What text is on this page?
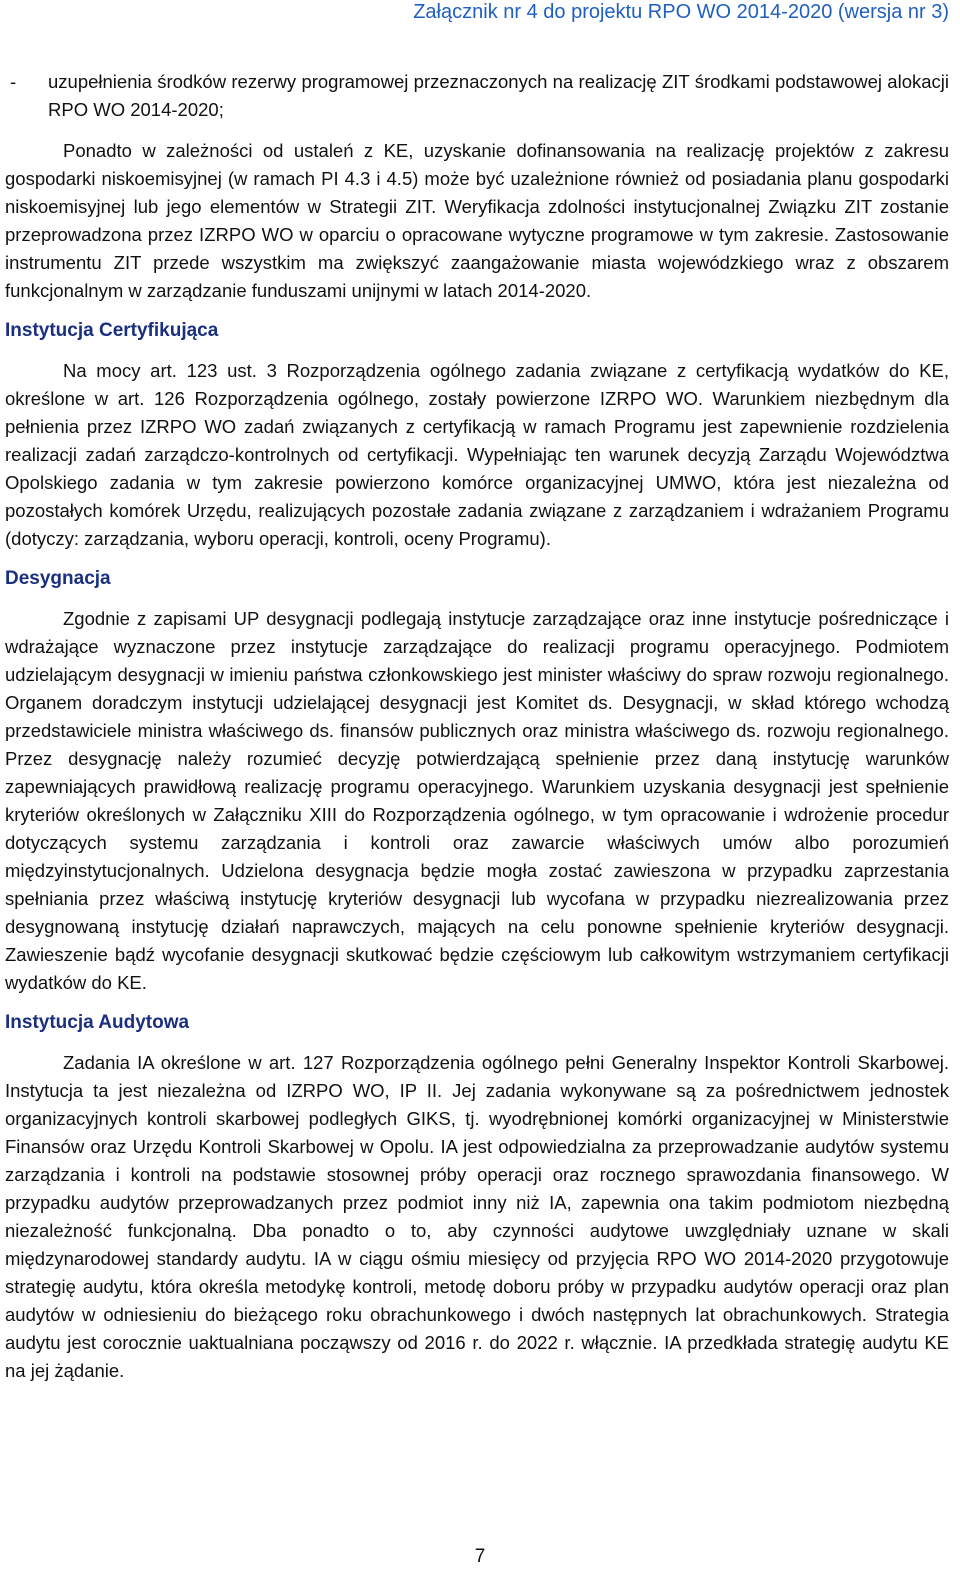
Załącznik nr 4 do projektu RPO WO 2014-2020 (wersja nr 3)
- uzupełnienia środków rezerwy programowej przeznaczonych na realizację ZIT środkami podstawowej alokacji RPO WO 2014-2020;

Ponadto w zależności od ustaleń z KE, uzyskanie dofinansowania na realizację projektów z zakresu gospodarki niskoemisyjnej (w ramach PI 4.3 i 4.5) może być uzależnione również od posiadania planu gospodarki niskoemisyjnej lub jego elementów w Strategii ZIT. Weryfikacja zdolności instytucjonalnej Związku ZIT zostanie przeprowadzona przez IZRPO WO w oparciu o opracowane wytyczne programowe w tym zakresie. Zastosowanie instrumentu ZIT przede wszystkim ma zwiększyć zaangażowanie miasta wojewódzkiego wraz z obszarem funkcjonalnym w zarządzanie funduszami unijnymi w latach 2014-2020.

Instytucja Certyfikująca

Na mocy art. 123 ust. 3 Rozporządzenia ogólnego zadania związane z certyfikacją wydatków do KE, określone w art. 126 Rozporządzenia ogólnego, zostały powierzone IZRPO WO. Warunkiem niezbędnym dla pełnienia przez IZRPO WO zadań związanych z certyfikacją w ramach Programu jest zapewnienie rozdzielenia realizacji zadań zarządczo-kontrolnych od certyfikacji. Wypełniając ten warunek decyzją Zarządu Województwa Opolskiego zadania w tym zakresie powierzono komórce organizacyjnej UMWO, która jest niezależna od pozostałych komórek Urzędu, realizujących pozostałe zadania związane z zarządzaniem i wdrażaniem Programu (dotyczy: zarządzania, wyboru operacji, kontroli, oceny Programu).

Desygnacja

Zgodnie z zapisami UP desygnacji podlegają instytucje zarządzające oraz inne instytucje pośredniczące i wdrażające wyznaczone przez instytucje zarządzające do realizacji programu operacyjnego. Podmiotem udzielającym desygnacji w imieniu państwa członkowskiego jest minister właściwy do spraw rozwoju regionalnego. Organem doradczym instytucji udzielającej desygnacji jest Komitet ds. Desygnacji, w skład którego wchodzą przedstawiciele ministra właściwego ds. finansów publicznych oraz ministra właściwego ds. rozwoju regionalnego. Przez desygnację należy rozumieć decyzję potwierdzającą spełnienie przez daną instytucję warunków zapewniających prawidłową realizację programu operacyjnego. Warunkiem uzyskania desygnacji jest spełnienie kryteriów określonych w Załączniku XIII do Rozporządzenia ogólnego, w tym opracowanie i wdrożenie procedur dotyczących systemu zarządzania i kontroli oraz zawarcie właściwych umów albo porozumień międzyinstytucjonalnych. Udzielona desygnacja będzie mogła zostać zawieszona w przypadku zaprzestania spełniania przez właściwą instytucję kryteriów desygnacji lub wycofana w przypadku niezrealizowania przez desygnowaną instytucję działań naprawczych, mających na celu ponowne spełnienie kryteriów desygnacji. Zawieszenie bądź wycofanie desygnacji skutkować będzie częściowym lub całkowitym wstrzymaniem certyfikacji wydatków do KE.

Instytucja Audytowa

Zadania IA określone w art. 127 Rozporządzenia ogólnego pełni Generalny Inspektor Kontroli Skarbowej. Instytucja ta jest niezależna od IZRPO WO, IP II. Jej zadania wykonywane są za pośrednictwem jednostek organizacyjnych kontroli skarbowej podległych GIKS, tj. wyodrębnionej komórki organizacyjnej w Ministerstwie Finansów oraz Urzędu Kontroli Skarbowej w Opolu. IA jest odpowiedzialna za przeprowadzanie audytów systemu zarządzania i kontroli na podstawie stosownej próby operacji oraz rocznego sprawozdania finansowego. W przypadku audytów przeprowadzanych przez podmiot inny niż IA, zapewnia ona takim podmiotom niezbędną niezależność funkcjonalną. Dba ponadto o to, aby czynności audytowe uwzględniały uznane w skali międzynarodowej standardy audytu. IA w ciągu ośmiu miesięcy od przyjęcia RPO WO 2014-2020 przygotowuje strategię audytu, która określa metodykę kontroli, metodę doboru próby w przypadku audytów operacji oraz plan audytów w odniesieniu do bieżącego roku obrachunkowego i dwóch następnych lat obrachunkowych. Strategia audytu jest corocznie uaktualniana począwszy od 2016 r. do 2022 r. włącznie. IA przedkłada strategię audytu KE na jej żądanie.

7
